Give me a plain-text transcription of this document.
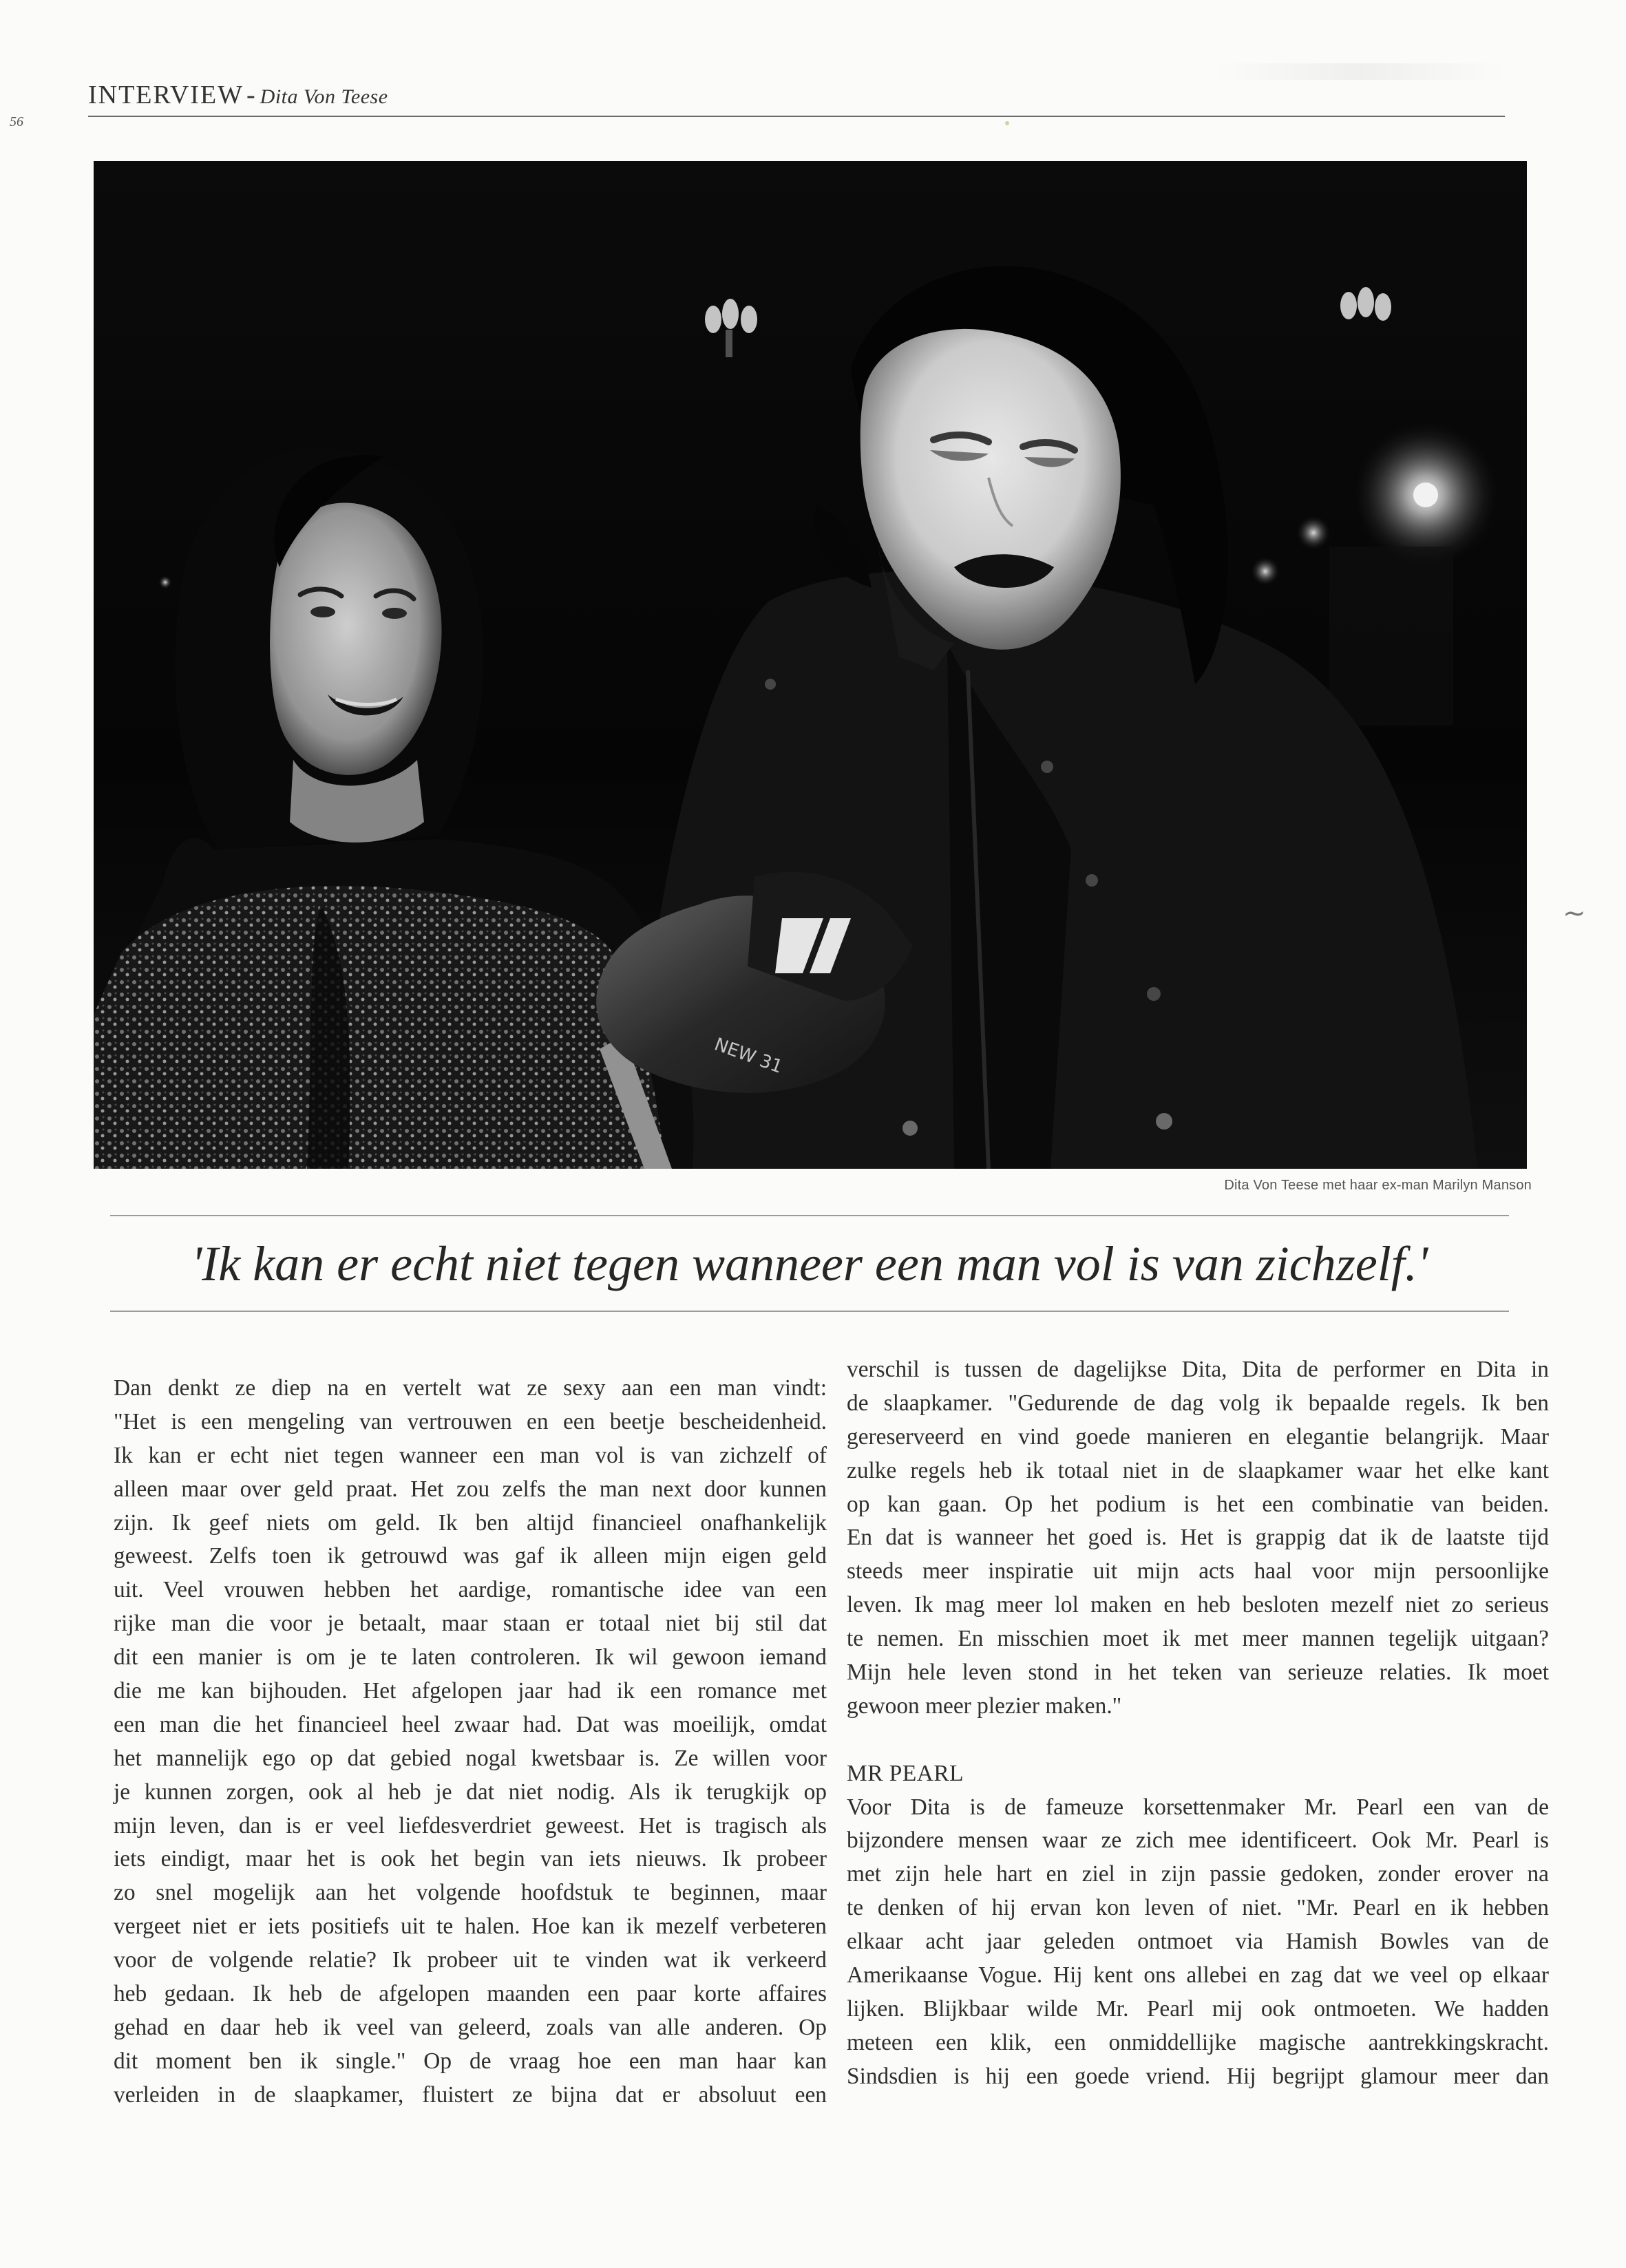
56
INTERVIEW - Dita Von Teese
NEW 31
Dita Von Teese met haar ex-man Marilyn Manson
'Ik kan er echt niet tegen wanneer een man vol is van zichzelf.'
Dan denkt ze diep na en vertelt wat ze sexy aan een man vindt:
"Het is een mengeling van vertrouwen en een beetje bescheidenheid.
Ik kan er echt niet tegen wanneer een man vol is van zichzelf of
alleen maar over geld praat. Het zou zelfs the man next door kunnen
zijn. Ik geef niets om geld. Ik ben altijd financieel onafhankelijk
geweest. Zelfs toen ik getrouwd was gaf ik alleen mijn eigen geld
uit. Veel vrouwen hebben het aardige, romantische idee van een
rijke man die voor je betaalt, maar staan er totaal niet bij stil dat
dit een manier is om je te laten controleren. Ik wil gewoon iemand
die me kan bijhouden. Het afgelopen jaar had ik een romance met
een man die het financieel heel zwaar had. Dat was moeilijk, omdat
het mannelijk ego op dat gebied nogal kwetsbaar is. Ze willen voor
je kunnen zorgen, ook al heb je dat niet nodig. Als ik terugkijk op
mijn leven, dan is er veel liefdesverdriet geweest. Het is tragisch als
iets eindigt, maar het is ook het begin van iets nieuws. Ik probeer
zo snel mogelijk aan het volgende hoofdstuk te beginnen, maar
vergeet niet er iets positiefs uit te halen. Hoe kan ik mezelf verbeteren
voor de volgende relatie? Ik probeer uit te vinden wat ik verkeerd
heb gedaan. Ik heb de afgelopen maanden een paar korte affaires
gehad en daar heb ik veel van geleerd, zoals van alle anderen. Op
dit moment ben ik single." Op de vraag hoe een man haar kan
verleiden in de slaapkamer, fluistert ze bijna dat er absoluut een
verschil is tussen de dagelijkse Dita, Dita de performer en Dita in
de slaapkamer. "Gedurende de dag volg ik bepaalde regels. Ik ben
gereserveerd en vind goede manieren en elegantie belangrijk. Maar
zulke regels heb ik totaal niet in de slaapkamer waar het elke kant
op kan gaan. Op het podium is het een combinatie van beiden.
En dat is wanneer het goed is. Het is grappig dat ik de laatste tijd
steeds meer inspiratie uit mijn acts haal voor mijn persoonlijke
leven. Ik mag meer lol maken en heb besloten mezelf niet zo serieus
te nemen. En misschien moet ik met meer mannen tegelijk uitgaan?
Mijn hele leven stond in het teken van serieuze relaties. Ik moet
gewoon meer plezier maken."
MR PEARL
Voor Dita is de fameuze korsettenmaker Mr. Pearl een van de
bijzondere mensen waar ze zich mee identificeert. Ook Mr. Pearl is
met zijn hele hart en ziel in zijn passie gedoken, zonder erover na
te denken of hij ervan kon leven of niet. "Mr. Pearl en ik hebben
elkaar acht jaar geleden ontmoet via Hamish Bowles van de
Amerikaanse Vogue. Hij kent ons allebei en zag dat we veel op elkaar
lijken. Blijkbaar wilde Mr. Pearl mij ook ontmoeten. We hadden
meteen een klik, een onmiddellijke magische aantrekkingskracht.
Sindsdien is hij een goede vriend. Hij begrijpt glamour meer dan
~
